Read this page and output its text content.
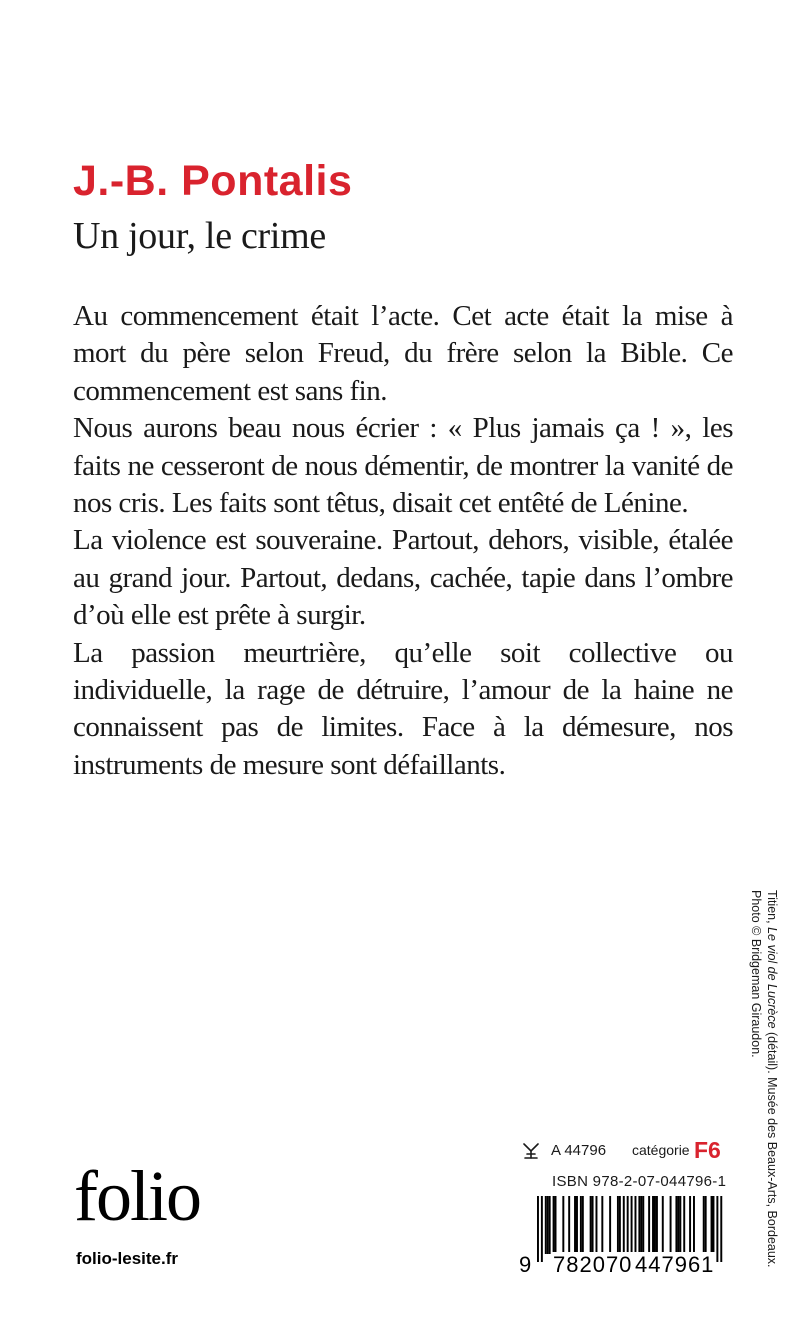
J.-B. Pontalis
Un jour, le crime

Au commencement était l’acte. Cet acte était la mise à mort du père selon Freud, du frère selon la Bible. Ce commencement est sans fin.

Nous aurons beau nous écrier : « Plus jamais ça ! », les faits ne cesseront de nous démentir, de montrer la vanité de nos cris. Les faits sont têtus, disait cet entêté de Lénine.

La violence est souveraine. Partout, dehors, visible, étalée au grand jour. Partout, dedans, cachée, tapie dans l’ombre d’où elle est prête à surgir.

La passion meurtrière, qu’elle soit collective ou individuelle, la rage de détruire, l’amour de la haine ne connaissent pas de limites. Face à la démesure, nos instruments de mesure sont défaillants.

Titien, Le viol de Lucrèce (détail). Musée des Beaux-Arts, Bordeaux.
Photo © Bridgeman Giraudon.
folio
folio-lesite.fr
A 44796 catégorie F6
ISBN 978-2-07-044796-1
9 782070 447961
